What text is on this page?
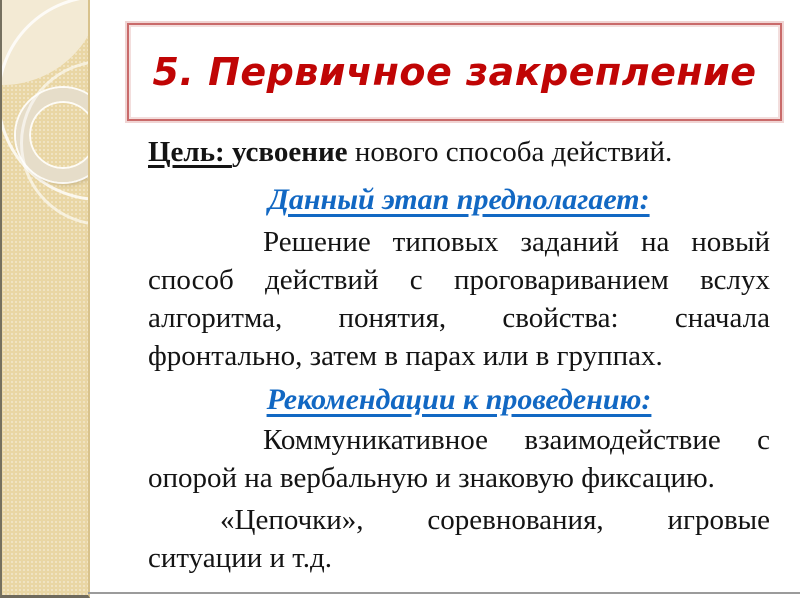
5. Первичное закрепление

Цель: усвоение нового способа действий.

Данный этап предполагает:
Решение типовых заданий на новый
способ действий с проговариванием вслух
алгоритма, понятия, свойства: сначала
фронтально, затем в парах или в группах.
Рекомендации к проведению:
Коммуникативное взаимодействие с
опорой на вербальную и знаковую фиксацию.
«Цепочки», соревнования, игровые
ситуации и т.д.
